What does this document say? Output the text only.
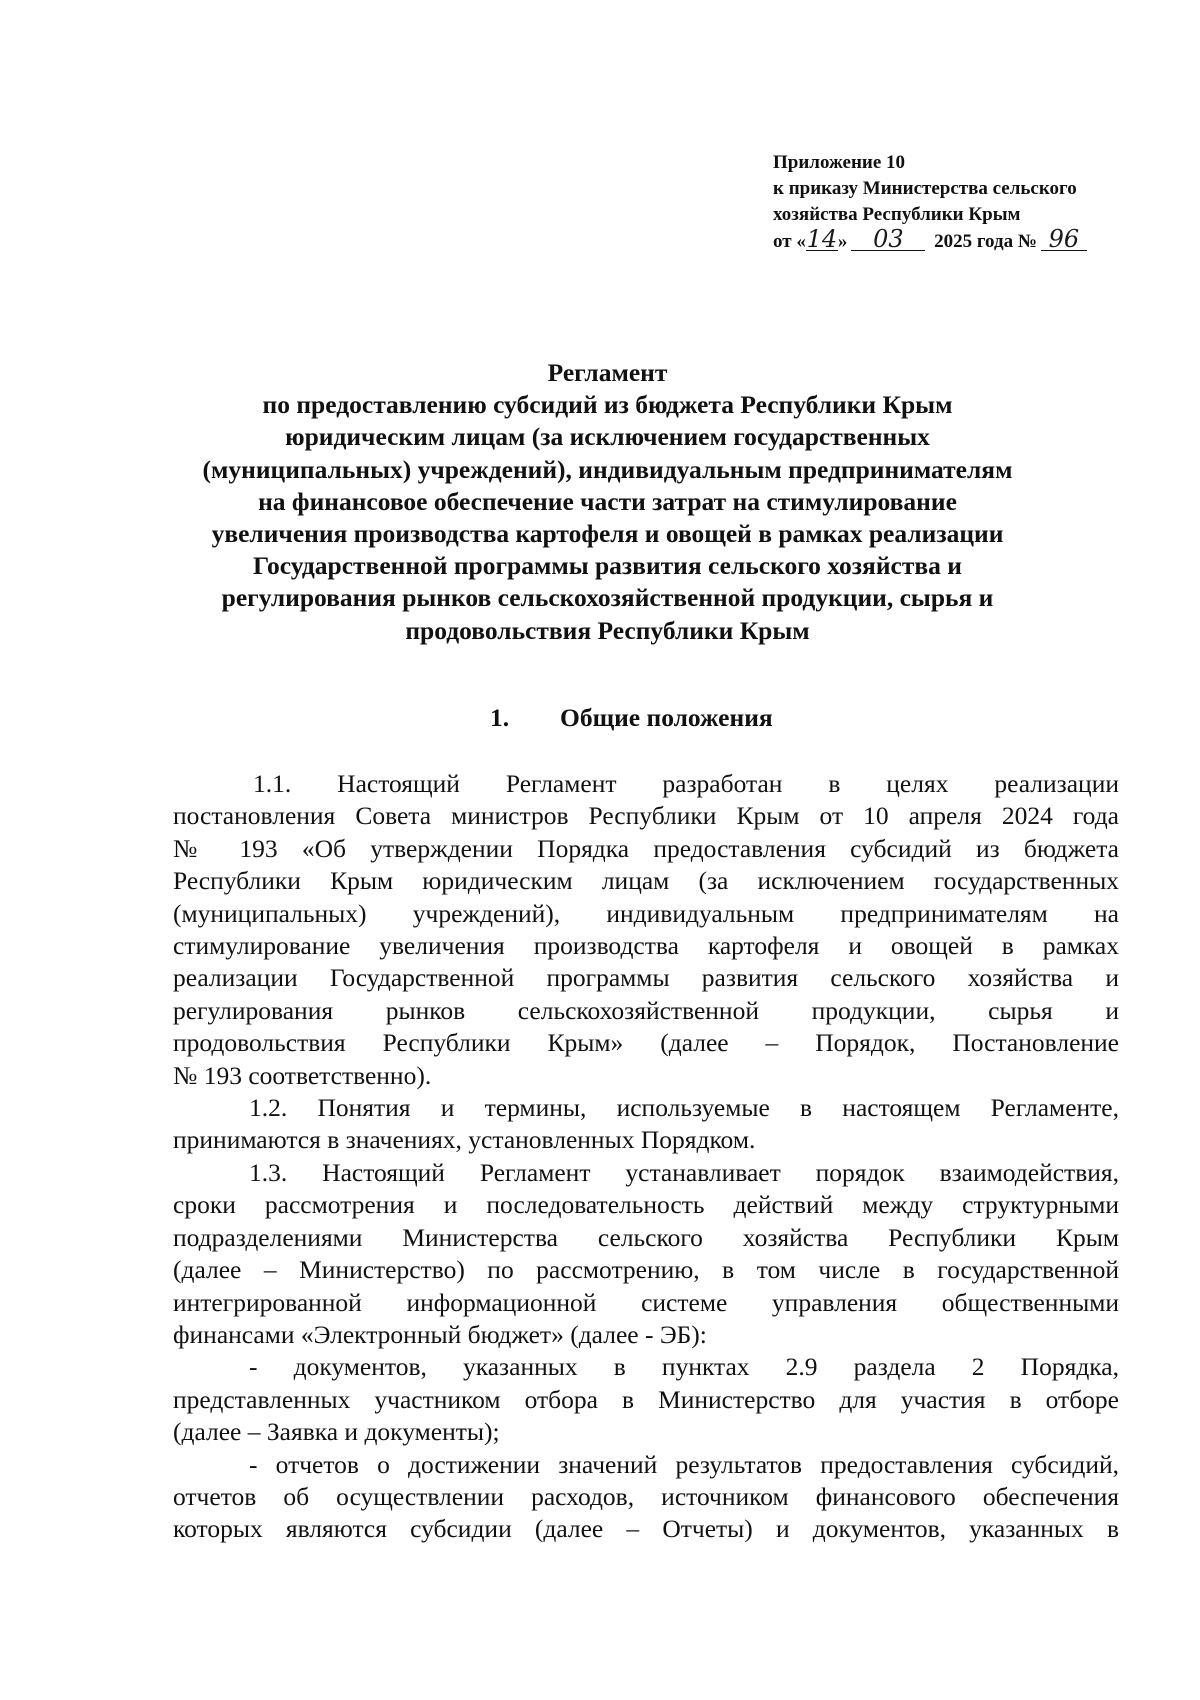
Приложение 10
к приказу Министерства сельского
хозяйства Республики Крым
от «14» 03 2025 года № 96
Регламент
по предоставлению субсидий из бюджета Республики Крым
юридическим лицам (за исключением государственных
(муниципальных) учреждений), индивидуальным предпринимателям
на финансовое обеспечение части затрат на стимулирование
увеличения производства картофеля и овощей в рамках реализации
Государственной программы развития сельского хозяйства и
регулирования рынков сельскохозяйственной продукции, сырья и
продовольствия Республики Крым
1. Общие положения
1.1. Настоящий Регламент разработан в целях реализации
постановления Совета министров Республики Крым от 10 апреля 2024 года
№ 193 «Об утверждении Порядка предоставления субсидий из бюджета
Республики Крым юридическим лицам (за исключением государственных
(муниципальных) учреждений), индивидуальным предпринимателям на
стимулирование увеличения производства картофеля и овощей в рамках
реализации Государственной программы развития сельского хозяйства и
регулирования рынков сельскохозяйственной продукции, сырья и
продовольствия Республики Крым» (далее – Порядок, Постановление
№ 193 соответственно).
1.2. Понятия и термины, используемые в настоящем Регламенте,
принимаются в значениях, установленных Порядком.
1.3. Настоящий Регламент устанавливает порядок взаимодействия,
сроки рассмотрения и последовательность действий между структурными
подразделениями Министерства сельского хозяйства Республики Крым
(далее – Министерство) по рассмотрению, в том числе в государственной
интегрированной информационной системе управления общественными
финансами «Электронный бюджет» (далее - ЭБ):
- документов, указанных в пунктах 2.9 раздела 2 Порядка,
представленных участником отбора в Министерство для участия в отборе
(далее – Заявка и документы);
- отчетов о достижении значений результатов предоставления субсидий,
отчетов об осуществлении расходов, источником финансового обеспечения
которых являются субсидии (далее – Отчеты) и документов, указанных в
